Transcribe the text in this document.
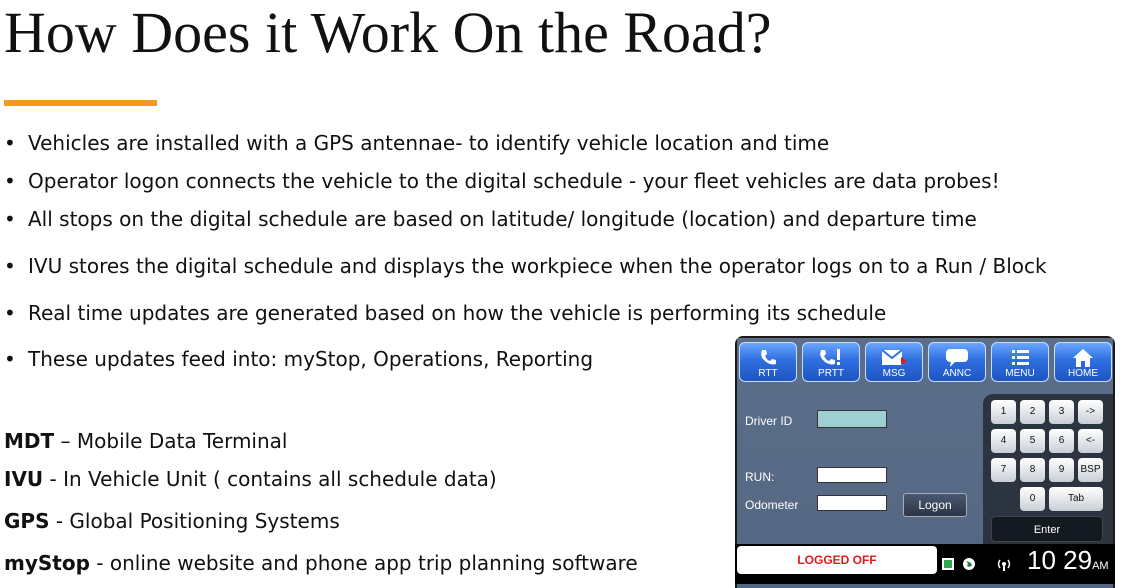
How Does it Work On the Road?
• Vehicles are installed with a GPS antennae- to identify vehicle location and time
• Operator logon connects the vehicle to the digital schedule - your fleet vehicles are data probes!
• All stops on the digital schedule are based on latitude/ longitude (location) and departure time
• IVU stores the digital schedule and displays the workpiece when the operator logs on to a Run / Block
• Real time updates are generated based on how the vehicle is performing its schedule
• These updates feed into: myStop, Operations, Reporting
MDT – Mobile Data Terminal
IVU - In Vehicle Unit ( contains all schedule data)
GPS - Global Positioning Systems
myStop - online website and phone app trip planning software
RTT	PRTT	MSG	ANNC	MENU	HOME
Driver ID
RUN:
Odometer	Logon
1	2	3	->
4	5	6	<-
7	8	9	BSP
0	Tab
Enter
LOGGED OFF
	10 29AM
